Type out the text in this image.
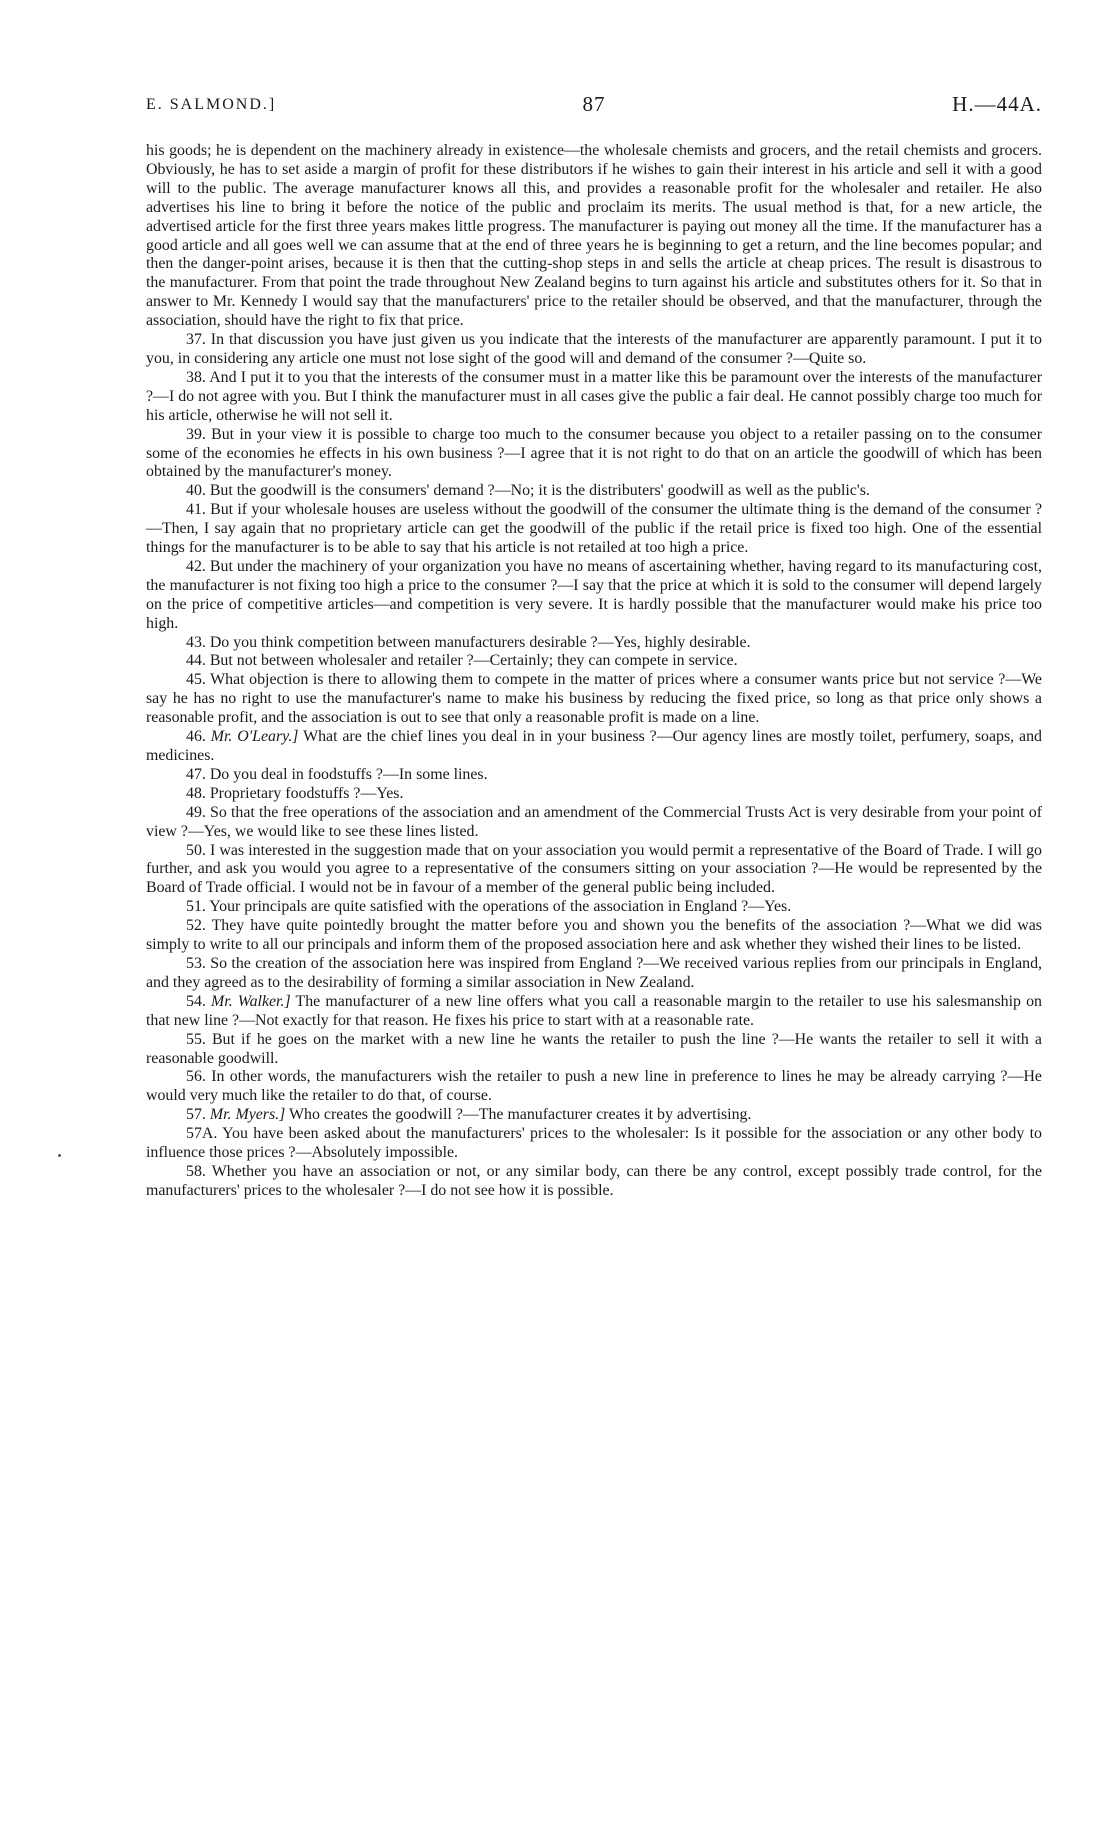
E. SALMOND.]	87	H.—44A.

his goods; he is dependent on the machinery already in existence—the wholesale chemists and grocers, and the retail chemists and grocers. Obviously, he has to set aside a margin of profit for these distributors if he wishes to gain their interest in his article and sell it with a good will to the public. The average manufacturer knows all this, and provides a reasonable profit for the wholesaler and retailer. He also advertises his line to bring it before the notice of the public and proclaim its merits. The usual method is that, for a new article, the advertised article for the first three years makes little progress. The manufacturer is paying out money all the time. If the manufacturer has a good article and all goes well we can assume that at the end of three years he is beginning to get a return, and the line becomes popular; and then the danger-point arises, because it is then that the cutting-shop steps in and sells the article at cheap prices. The result is disastrous to the manufacturer. From that point the trade throughout New Zealand begins to turn against his article and substitutes others for it. So that in answer to Mr. Kennedy I would say that the manufacturers' price to the retailer should be observed, and that the manufacturer, through the association, should have the right to fix that price.

37. In that discussion you have just given us you indicate that the interests of the manufacturer are apparently paramount. I put it to you, in considering any article one must not lose sight of the good will and demand of the consumer ?—Quite so.

38. And I put it to you that the interests of the consumer must in a matter like this be paramount over the interests of the manufacturer ?—I do not agree with you. But I think the manufacturer must in all cases give the public a fair deal. He cannot possibly charge too much for his article, otherwise he will not sell it.

39. But in your view it is possible to charge too much to the consumer because you object to a retailer passing on to the consumer some of the economies he effects in his own business ?—I agree that it is not right to do that on an article the goodwill of which has been obtained by the manufacturer's money.

40. But the goodwill is the consumers' demand ?—No; it is the distributers' goodwill as well as the public's.

41. But if your wholesale houses are useless without the goodwill of the consumer the ultimate thing is the demand of the consumer ?—Then, I say again that no proprietary article can get the goodwill of the public if the retail price is fixed too high. One of the essential things for the manufacturer is to be able to say that his article is not retailed at too high a price.

42. But under the machinery of your organization you have no means of ascertaining whether, having regard to its manufacturing cost, the manufacturer is not fixing too high a price to the consumer ?—I say that the price at which it is sold to the consumer will depend largely on the price of competitive articles—and competition is very severe. It is hardly possible that the manufacturer would make his price too high.

43. Do you think competition between manufacturers desirable ?—Yes, highly desirable.

44. But not between wholesaler and retailer ?—Certainly; they can compete in service.

45. What objection is there to allowing them to compete in the matter of prices where a consumer wants price but not service ?—We say he has no right to use the manufacturer's name to make his business by reducing the fixed price, so long as that price only shows a reasonable profit, and the association is out to see that only a reasonable profit is made on a line.

46. Mr. O'Leary.] What are the chief lines you deal in in your business ?—Our agency lines are mostly toilet, perfumery, soaps, and medicines.

47. Do you deal in foodstuffs ?—In some lines.

48. Proprietary foodstuffs ?—Yes.

49. So that the free operations of the association and an amendment of the Commercial Trusts Act is very desirable from your point of view ?—Yes, we would like to see these lines listed.

50. I was interested in the suggestion made that on your association you would permit a representative of the Board of Trade. I will go further, and ask you would you agree to a representative of the consumers sitting on your association ?—He would be represented by the Board of Trade official. I would not be in favour of a member of the general public being included.

51. Your principals are quite satisfied with the operations of the association in England ?—Yes.

52. They have quite pointedly brought the matter before you and shown you the benefits of the association ?—What we did was simply to write to all our principals and inform them of the proposed association here and ask whether they wished their lines to be listed.

53. So the creation of the association here was inspired from England ?—We received various replies from our principals in England, and they agreed as to the desirability of forming a similar association in New Zealand.

54. Mr. Walker.] The manufacturer of a new line offers what you call a reasonable margin to the retailer to use his salesmanship on that new line ?—Not exactly for that reason. He fixes his price to start with at a reasonable rate.

55. But if he goes on the market with a new line he wants the retailer to push the line ?—He wants the retailer to sell it with a reasonable goodwill.

56. In other words, the manufacturers wish the retailer to push a new line in preference to lines he may be already carrying ?—He would very much like the retailer to do that, of course.

57. Mr. Myers.] Who creates the goodwill ?—The manufacturer creates it by advertising.

57A. You have been asked about the manufacturers' prices to the wholesaler: Is it possible for the association or any other body to influence those prices ?—Absolutely impossible.

58. Whether you have an association or not, or any similar body, can there be any control, except possibly trade control, for the manufacturers' prices to the wholesaler ?—I do not see how it is possible.
